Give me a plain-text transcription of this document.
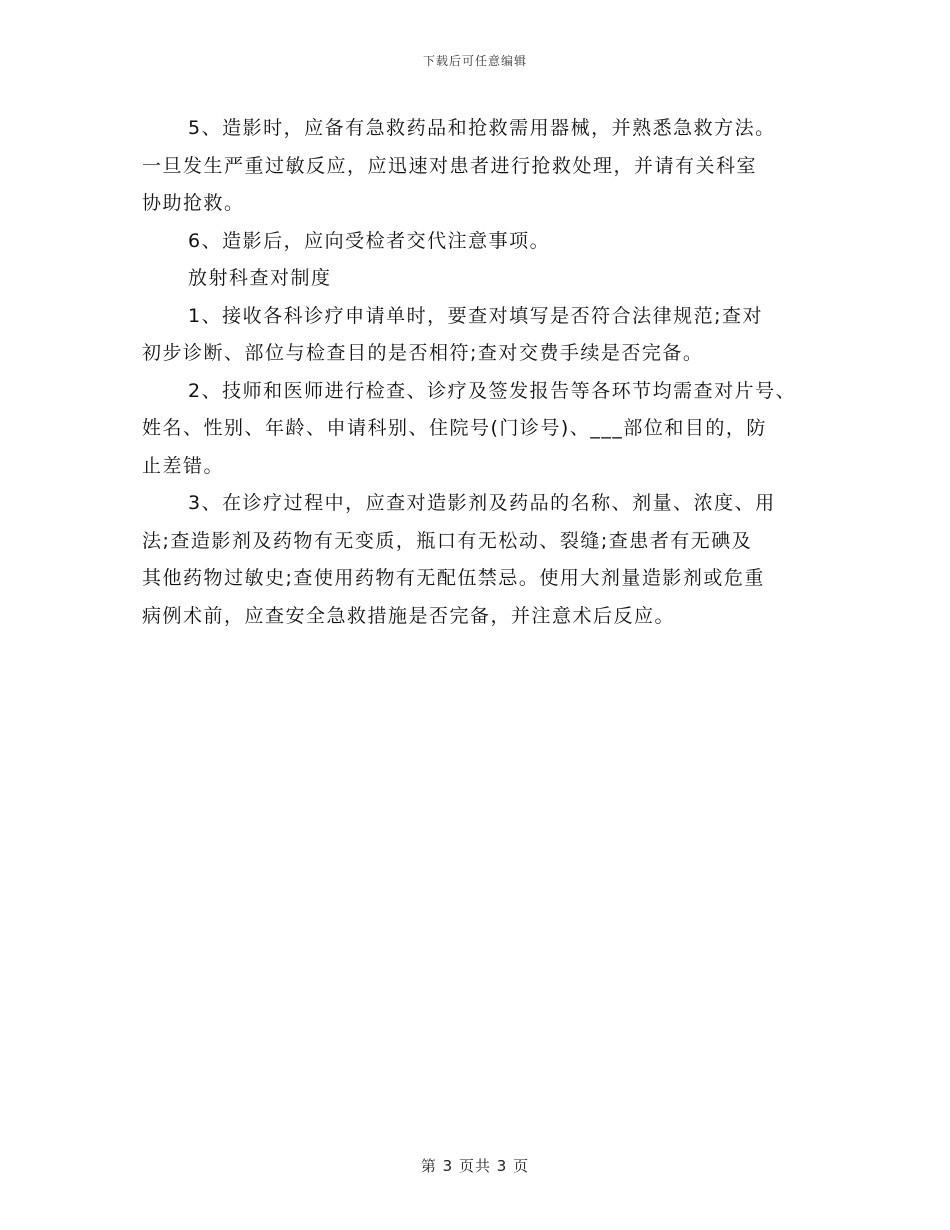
下载后可任意编辑
5、造影时，应备有急救药品和抢救需用器械，并熟悉急救方法。
一旦发生严重过敏反应，应迅速对患者进行抢救处理，并请有关科室
协助抢救。
6、造影后，应向受检者交代注意事项。
放射科查对制度
1、接收各科诊疗申请单时，要查对填写是否符合法律规范;查对
初步诊断、部位与检查目的是否相符;查对交费手续是否完备。
2、技师和医师进行检查、诊疗及签发报告等各环节均需查对片号、
姓名、性别、年龄、申请科别、住院号(门诊号)、___部位和目的，防
止差错。
3、在诊疗过程中，应查对造影剂及药品的名称、剂量、浓度、用
法;查造影剂及药物有无变质，瓶口有无松动、裂缝;查患者有无碘及
其他药物过敏史;查使用药物有无配伍禁忌。使用大剂量造影剂或危重
病例术前，应查安全急救措施是否完备，并注意术后反应。
第 3 页共 3 页
